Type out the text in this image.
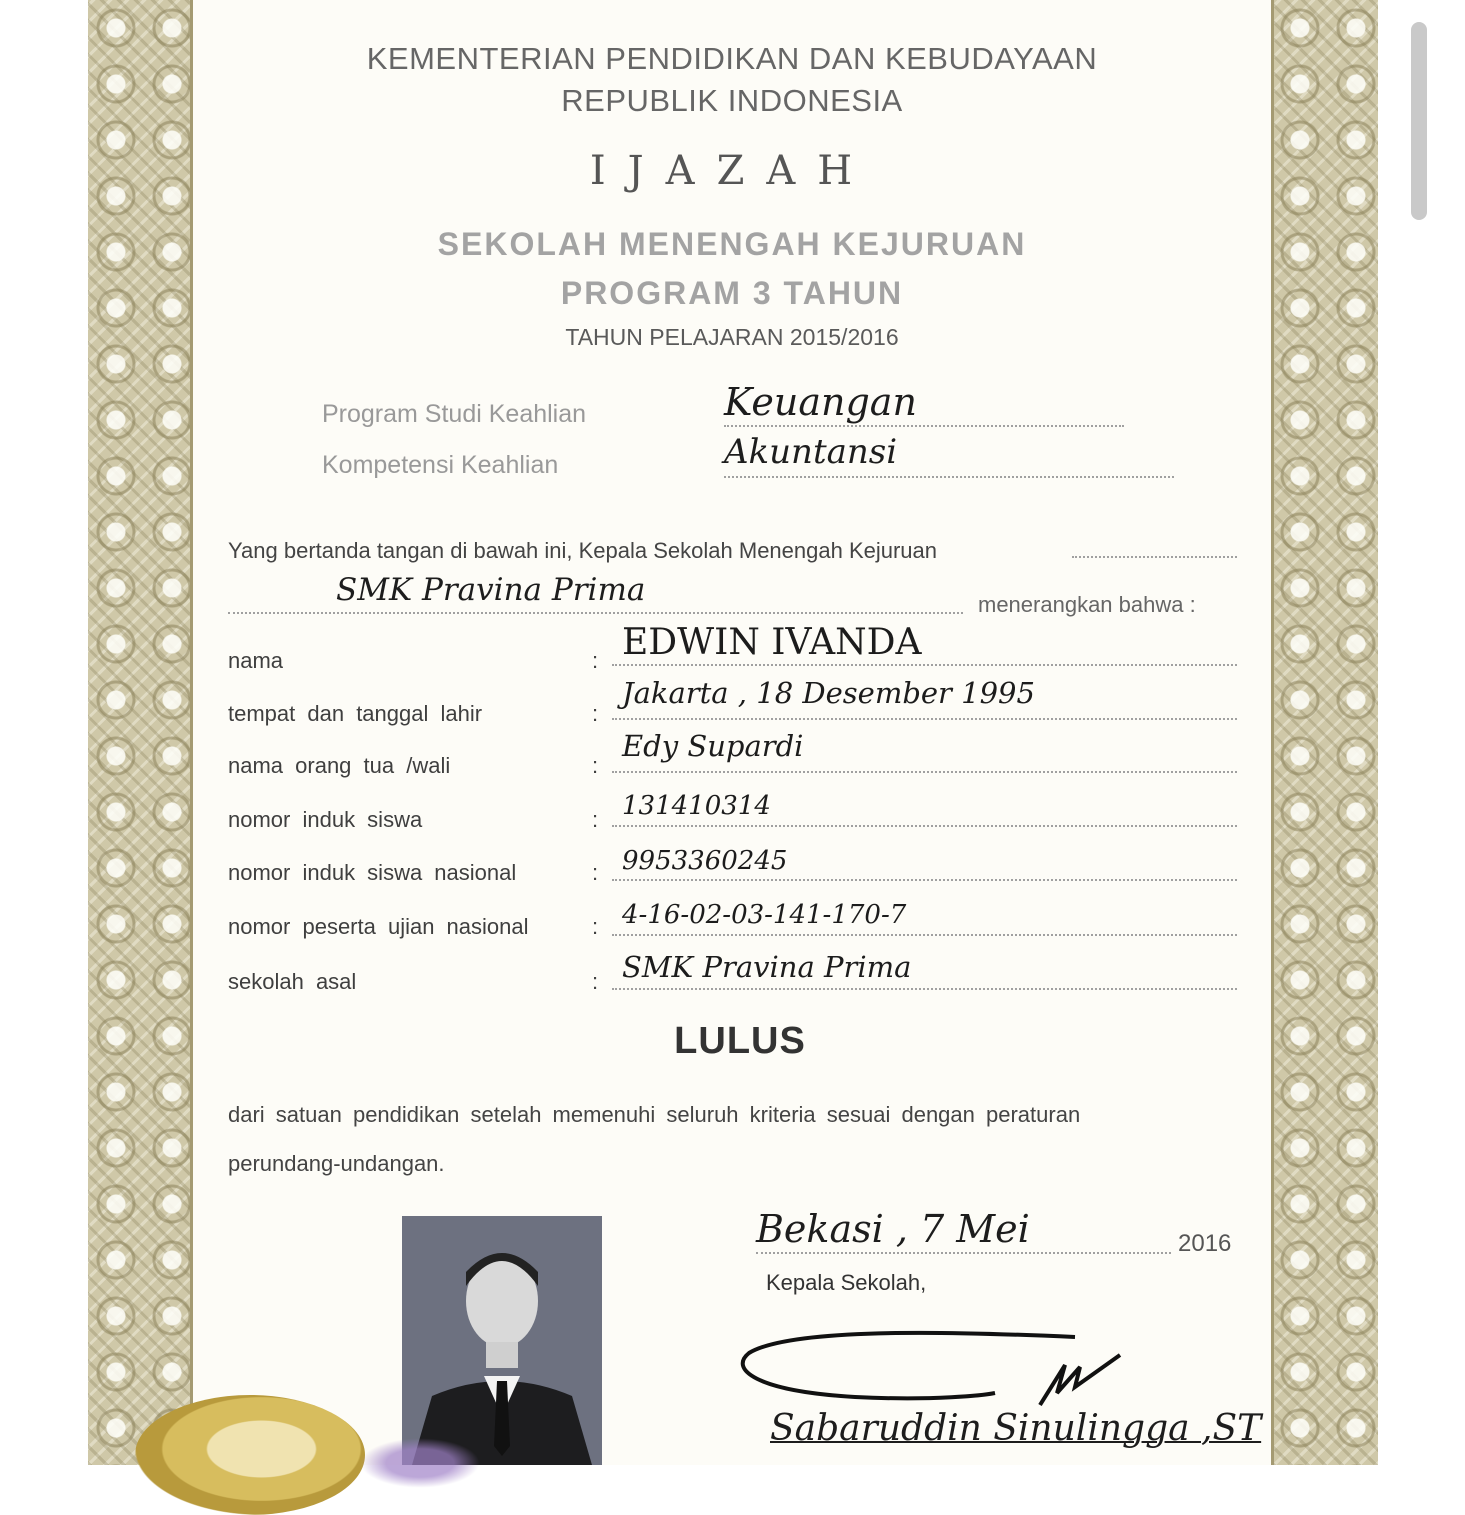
KEMENTERIAN PENDIDIKAN DAN KEBUDAYAAN
REPUBLIK INDONESIA
IJAZAH
SEKOLAH MENENGAH KEJURUAN
PROGRAM 3 TAHUN
TAHUN PELAJARAN 2015/2016
Program Studi Keahlian	Keuangan
Kompetensi Keahlian	Akuntansi
Yang bertanda tangan di bawah ini, Kepala Sekolah Menengah Kejuruan
SMK Pravina Prima	menerangkan bahwa :
nama	: EDWIN IVANDA
tempat dan tanggal lahir	:
Jakarta , 18 Desember 1995
nama orang tua /wali	:
Edy Supardi
nomor induk siswa	: 131410314
nomor induk siswa nasional	: 9953360245
nomor peserta ujian nasional	: 4-16-02-03-141-170-7
sekolah asal	: SMK Pravina Prima
LULUS
dari satuan pendidikan setelah memenuhi seluruh kriteria sesuai dengan peraturan
perundang-undangan.
Bekasi , 7 Mei	2016
Kepala Sekolah,
Sabaruddin Sinulingga ,ST
